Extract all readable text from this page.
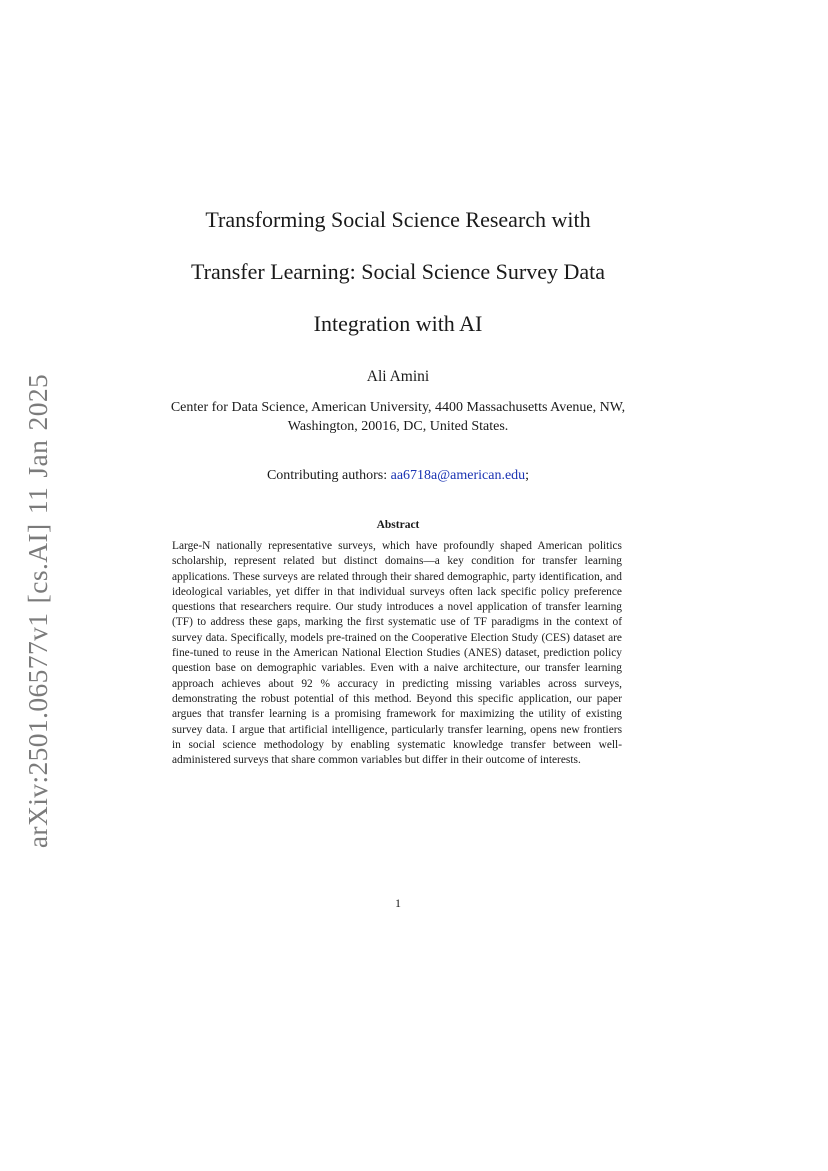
arXiv:2501.06577v1 [cs.AI] 11 Jan 2025
Transforming Social Science Research with
Transfer Learning: Social Science Survey Data
Integration with AI
Ali Amini
Center for Data Science, American University, 4400 Massachusetts Avenue, NW, Washington, 20016, DC, United States.
Contributing authors: aa6718a@american.edu;
Abstract
Large-N nationally representative surveys, which have profoundly shaped American politics scholarship, represent related but distinct domains—a key condition for transfer learning applications. These surveys are related through their shared demographic, party identification, and ideological variables, yet differ in that individual surveys often lack specific policy preference questions that researchers require. Our study introduces a novel application of transfer learning (TF) to address these gaps, marking the first systematic use of TF paradigms in the context of survey data. Specifically, models pre-trained on the Cooperative Election Study (CES) dataset are fine-tuned to reuse in the American National Election Studies (ANES) dataset, prediction policy question base on demographic variables. Even with a naive architecture, our transfer learning approach achieves about 92 % accuracy in predicting missing variables across surveys, demonstrating the robust potential of this method. Beyond this specific application, our paper argues that transfer learning is a promising framework for maximizing the utility of existing survey data. I argue that artificial intelligence, particularly transfer learning, opens new frontiers in social science methodology by enabling systematic knowledge transfer between well-administered surveys that share common variables but differ in their outcome of interests.
1
